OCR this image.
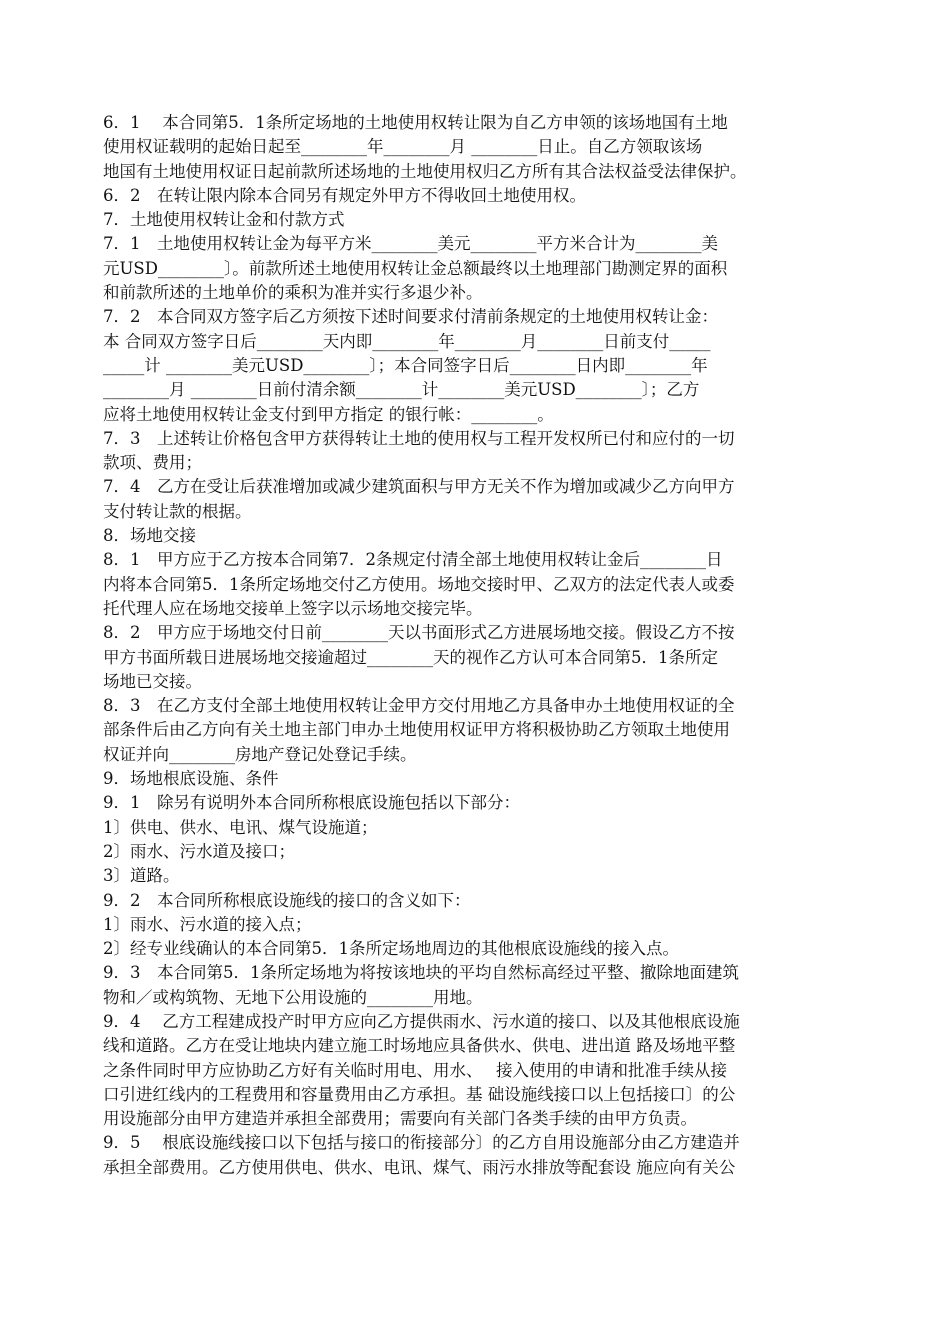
6．1　 本合同第5．1条所定场地的土地使用权转让限为自乙方申领的该场地国有土地
使用权证载明的起始日起至________年________月 ________日止。自乙方领取该场
地国有土地使用权证日起前款所述场地的土地使用权归乙方所有其合法权益受法律保护。
6．2　在转让限内除本合同另有规定外甲方不得收回土地使用权。
7．土地使用权转让金和付款方式
7．1　土地使用权转让金为每平方米________美元________平方米合计为________美
元USD________〕。前款所述土地使用权转让金总额最终以土地理部门勘测定界的面积
和前款所述的土地单价的乘积为准并实行多退少补。
7．2　本合同双方签字后乙方须按下述时间要求付清前条规定的土地使用权转让金：
本 合同双方签字日后________天内即________年________月________日前支付_____
_____计 ________美元USD________〕；本合同签字日后________日内即________年
________月 ________日前付清余额________计________美元USD________〕；乙方
应将土地使用权转让金支付到甲方指定 的银行帐：________。
7．3　上述转让价格包含甲方获得转让土地的使用权与工程开发权所已付和应付的一切
款项、费用；
7．4　乙方在受让后获准增加或减少建筑面积与甲方无关不作为增加或减少乙方向甲方
支付转让款的根据。
8．场地交接
8．1　甲方应于乙方按本合同第7．2条规定付清全部土地使用权转让金后________日
内将本合同第5．1条所定场地交付乙方使用。场地交接时甲、乙双方的法定代表人或委
托代理人应在场地交接单上签字以示场地交接完毕。
8．2　甲方应于场地交付日前________天以书面形式乙方进展场地交接。假设乙方不按
甲方书面所载日进展场地交接逾超过________天的视作乙方认可本合同第5．1条所定
场地已交接。
8．3　在乙方支付全部土地使用权转让金甲方交付用地乙方具备申办土地使用权证的全
部条件后由乙方向有关土地主部门申办土地使用权证甲方将积极协助乙方领取土地使用
权证并向________房地产登记处登记手续。
9．场地根底设施、条件
9．1　除另有说明外本合同所称根底设施包括以下部分：
1〕供电、供水、电讯、煤气设施道；
2〕雨水、污水道及接口；
3〕道路。
9．2　本合同所称根底设施线的接口的含义如下：
1〕雨水、污水道的接入点；
2〕经专业线确认的本合同第5．1条所定场地周边的其他根底设施线的接入点。
9．3　本合同第5．1条所定场地为将按该地块的平均自然标高经过平整、撤除地面建筑
物和／或构筑物、无地下公用设施的________用地。
9．4　 乙方工程建成投产时甲方应向乙方提供雨水、污水道的接口、以及其他根底设施
线和道路。乙方在受让地块内建立施工时场地应具备供水、供电、进出道 路及场地平整
之条件同时甲方应协助乙方好有关临时用电、用水、　 接入使用的申请和批准手续从接
口引进红线内的工程费用和容量费用由乙方承担。基 础设施线接口以上包括接口〕的公
用设施部分由甲方建造并承担全部费用；需要向有关部门各类手续的由甲方负责。
9．5　 根底设施线接口以下包括与接口的衔接部分〕的乙方自用设施部分由乙方建造并
承担全部费用。乙方使用供电、供水、电讯、煤气、雨污水排放等配套设 施应向有关公
